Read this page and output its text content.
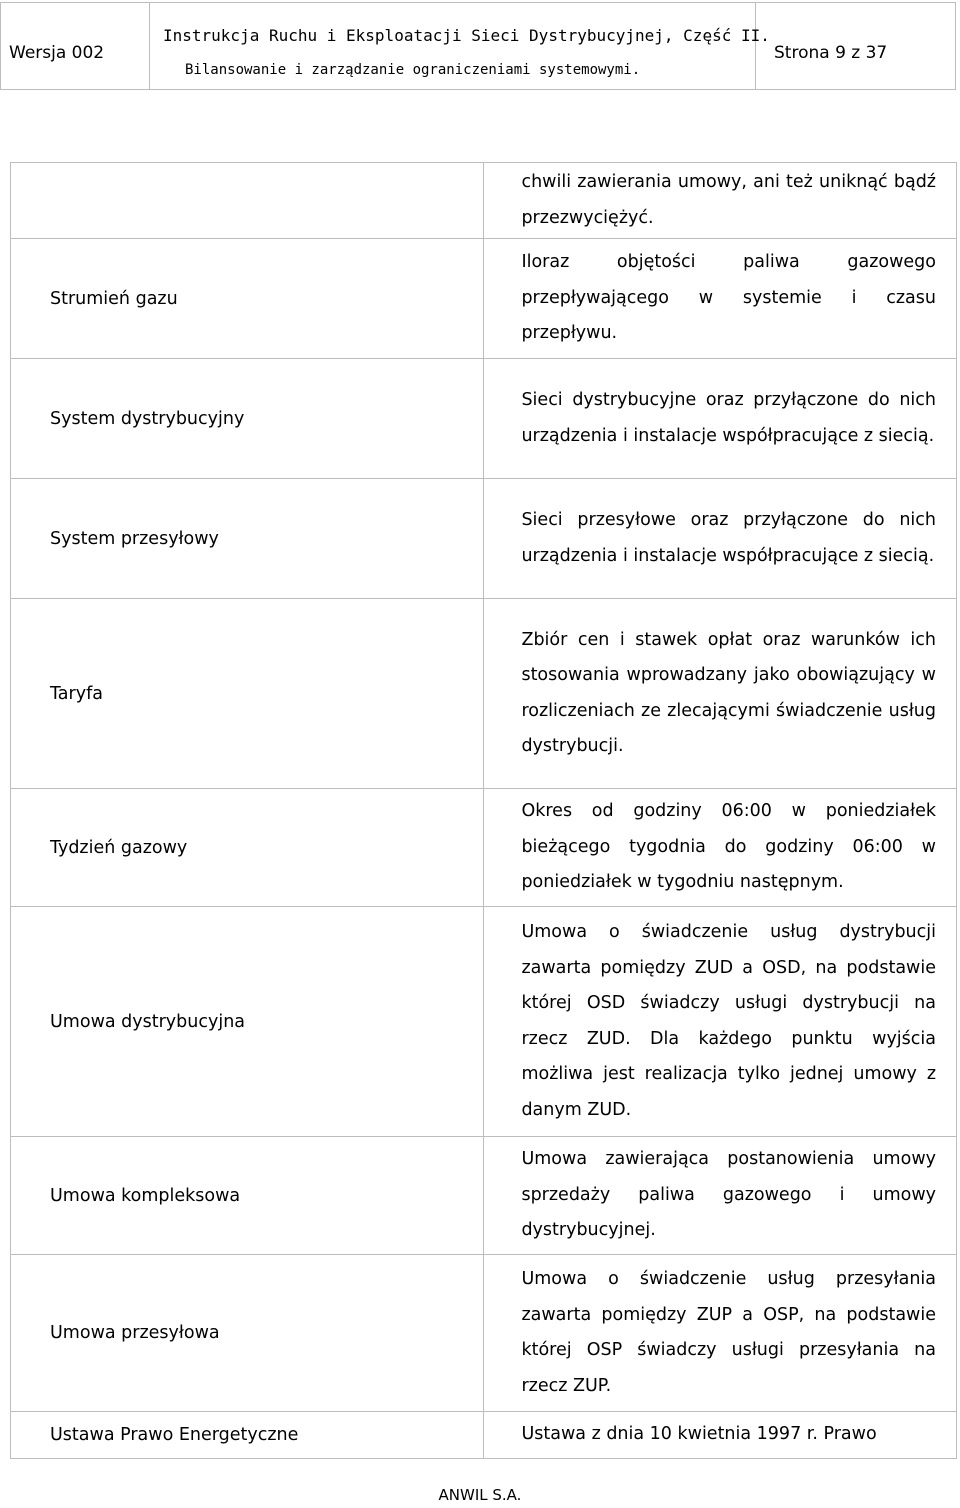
Wersja 002
Instrukcja Ruchu i Eksploatacji Sieci Dystrybucyjnej, Część II.
Bilansowanie i zarządzanie ograniczeniami systemowymi.
Strona 9 z 37

	chwili zawierania umowy, ani też uniknąć bądź przezwyciężyć.

Strumień gazu	Iloraz objętości paliwa gazowego przepływającego w systemie i czasu przepływu.

System dystrybucyjny	Sieci dystrybucyjne oraz przyłączone do nich urządzenia i instalacje współpracujące z siecią.

System przesyłowy	Sieci przesyłowe oraz przyłączone do nich urządzenia i instalacje współpracujące z siecią.

Taryfa	Zbiór cen i stawek opłat oraz warunków ich stosowania wprowadzany jako obowiązujący w rozliczeniach ze zlecającymi świadczenie usług dystrybucji.

Tydzień gazowy	Okres od godziny 06:00 w poniedziałek bieżącego tygodnia do godziny 06:00 w poniedziałek w tygodniu następnym.

Umowa dystrybucyjna	Umowa o świadczenie usług dystrybucji zawarta pomiędzy ZUD a OSD, na podstawie której OSD świadczy usługi dystrybucji na rzecz ZUD. Dla każdego punktu wyjścia możliwa jest realizacja tylko jednej umowy z danym ZUD.

Umowa kompleksowa	Umowa zawierająca postanowienia umowy sprzedaży paliwa gazowego i umowy dystrybucyjnej.

Umowa przesyłowa	Umowa o świadczenie usług przesyłania zawarta pomiędzy ZUP a OSP, na podstawie której OSP świadczy usługi przesyłania na rzecz ZUP.

Ustawa Prawo Energetyczne	Ustawa z dnia 10 kwietnia 1997 r. Prawo
ANWIL S.A.
